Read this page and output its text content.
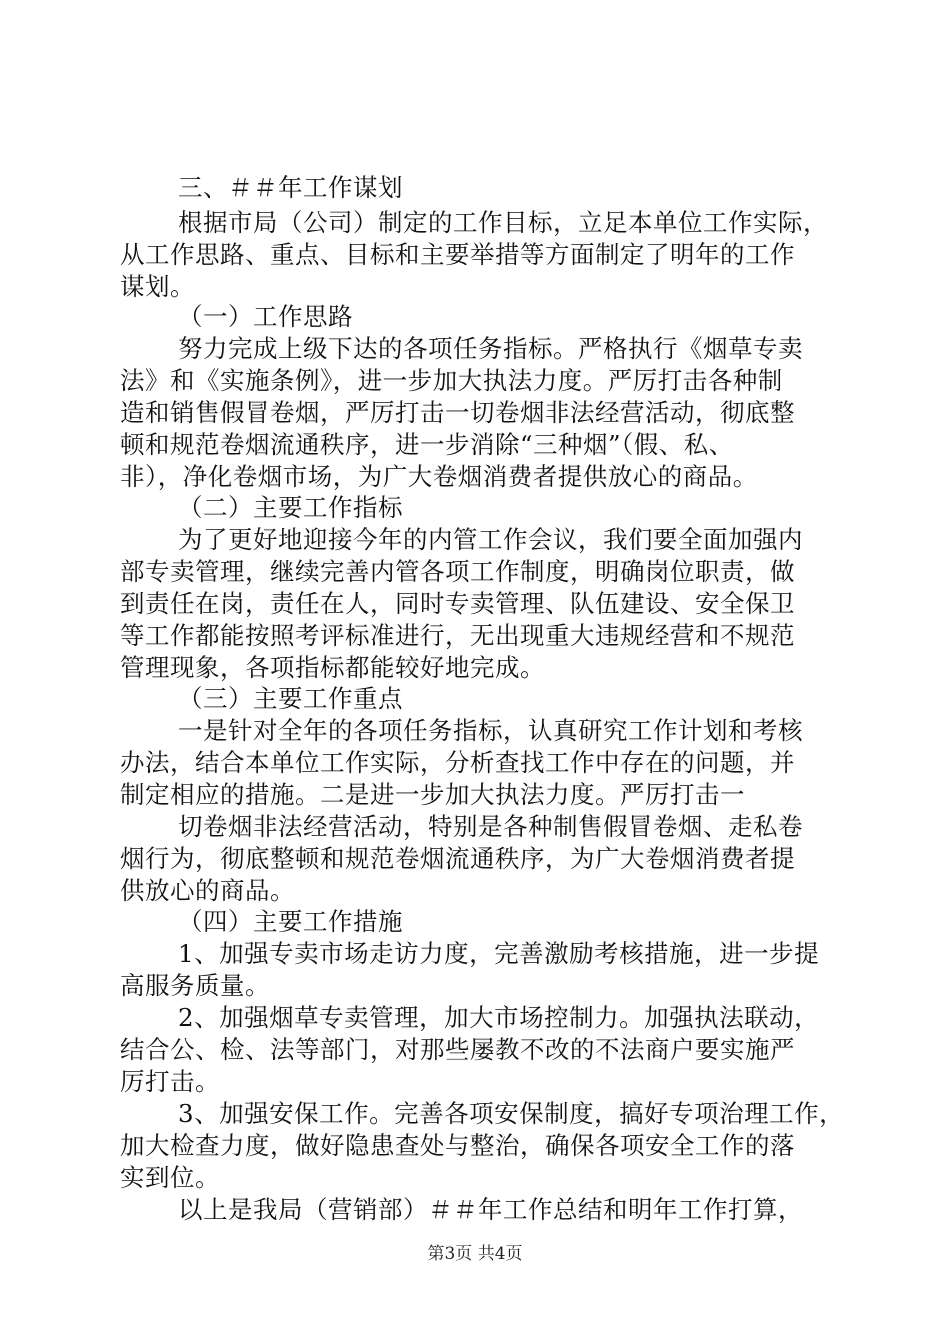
三、＃＃年工作谋划
根据市局（公司）制定的工作目标，立足本单位工作实际，
从工作思路、重点、目标和主要举措等方面制定了明年的工作
谋划。
（一）工作思路
努力完成上级下达的各项任务指标。严格执行《烟草专卖
法》和《实施条例》，进一步加大执法力度。严厉打击各种制
造和销售假冒卷烟，严厉打击一切卷烟非法经营活动，彻底整
顿和规范卷烟流通秩序，进一步消除“三种烟”（假、私、
非），净化卷烟市场，为广大卷烟消费者提供放心的商品。
（二）主要工作指标
为了更好地迎接今年的内管工作会议，我们要全面加强内
部专卖管理，继续完善内管各项工作制度，明确岗位职责，做
到责任在岗，责任在人，同时专卖管理、队伍建设、安全保卫
等工作都能按照考评标准进行，无出现重大违规经营和不规范
管理现象，各项指标都能较好地完成。
（三）主要工作重点
一是针对全年的各项任务指标，认真研究工作计划和考核
办法，结合本单位工作实际，分析查找工作中存在的问题，并
制定相应的措施。二是进一步加大执法力度。严厉打击一
切卷烟非法经营活动，特别是各种制售假冒卷烟、走私卷
烟行为，彻底整顿和规范卷烟流通秩序，为广大卷烟消费者提
供放心的商品。
（四）主要工作措施
1、加强专卖市场走访力度，完善激励考核措施，进一步提
高服务质量。
2、加强烟草专卖管理，加大市场控制力。加强执法联动，
结合公、检、法等部门，对那些屡教不改的不法商户要实施严
厉打击。
3、加强安保工作。完善各项安保制度，搞好专项治理工作，
加大检查力度，做好隐患查处与整治，确保各项安全工作的落
实到位。
以上是我局（营销部）＃＃年工作总结和明年工作打算，
第3页 共4页
